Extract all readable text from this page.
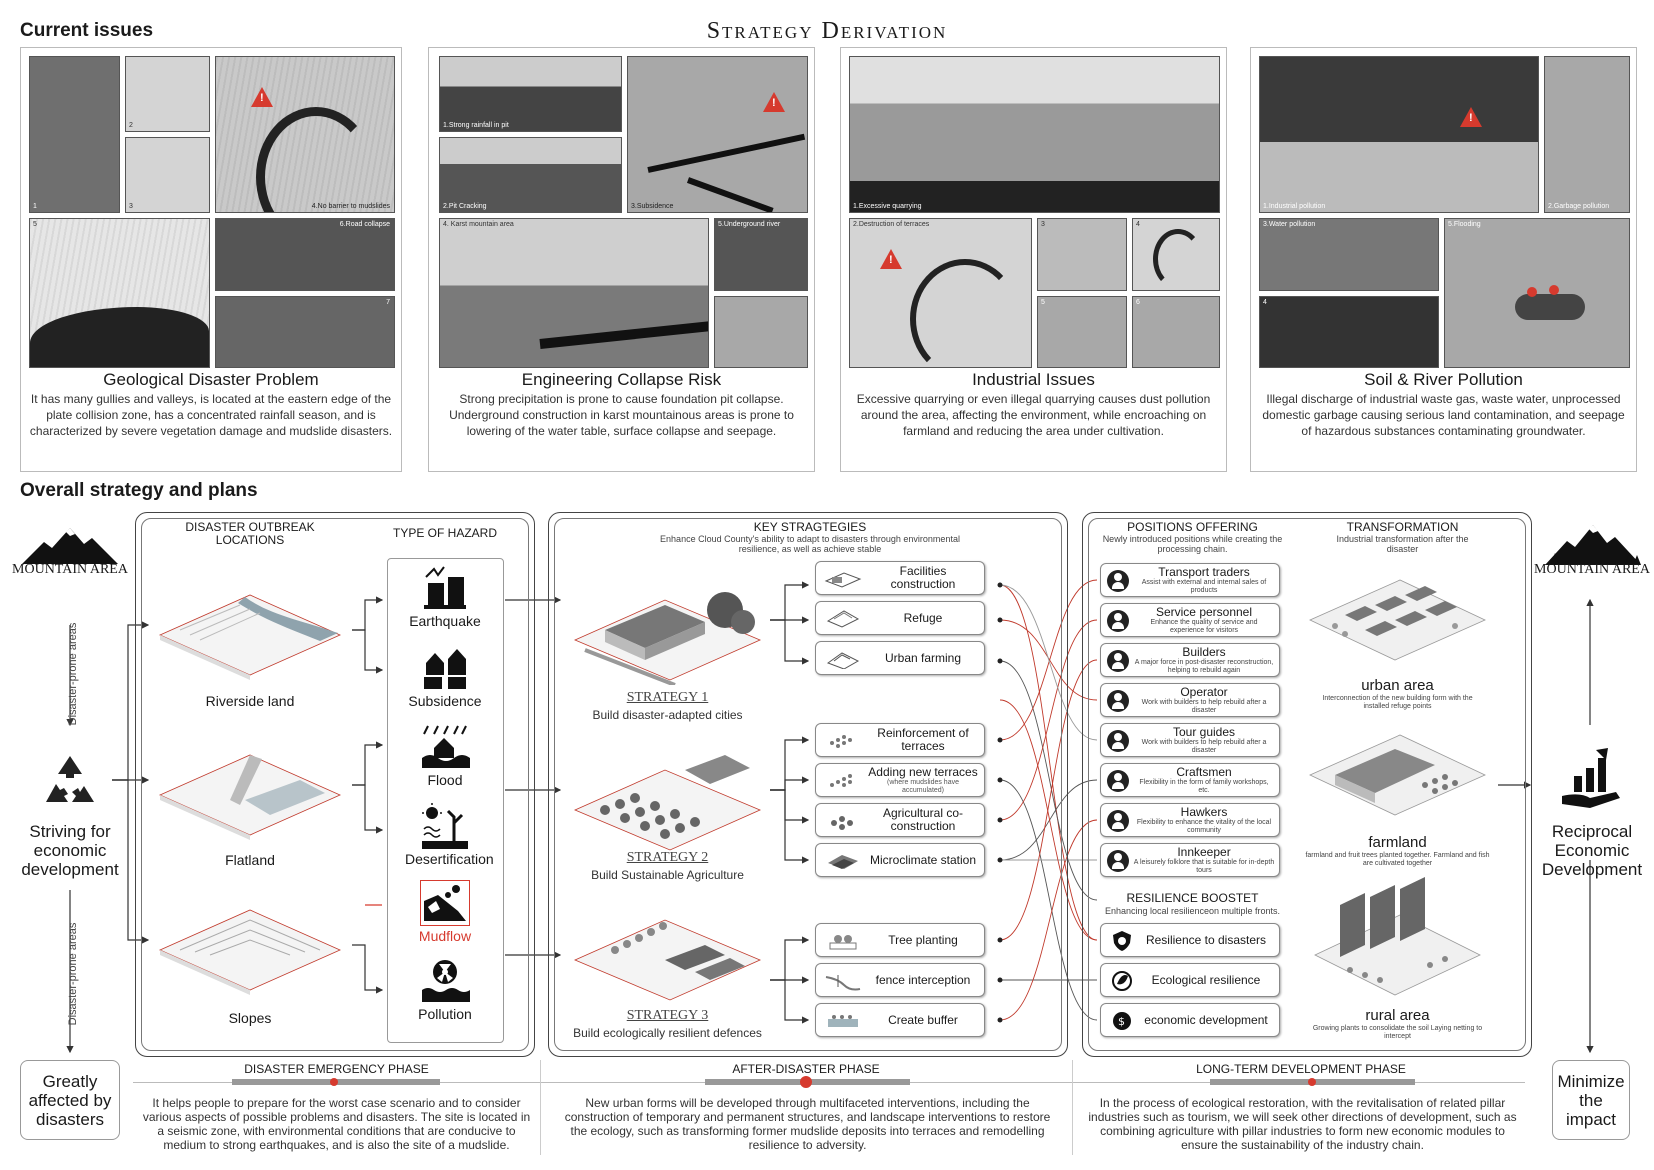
Current issues	Strategy Derivation
1
2
3
!	4.No barrier to mudslides
5	6.Road collapse
7
Geological Disaster Problem
It has many gullies and valleys, is located at the eastern edge of the plate collision zone, has a concentrated rainfall season, and is characterized by severe vegetation damage and mudslide disasters.
1.Strong rainfall in pit
2.Pit Cracking
!	3.Subsidence
4. Karst mountain area	5.Underground river
Engineering Collapse Risk
Strong precipitation is prone to cause foundation pit collapse. Underground construction in karst mountainous areas is prone to lowering of the water table, surface collapse and seepage.
1.Excessive quarrying
!
2.Destruction of terraces	3	4
5	6
Industrial Issues
Excessive quarrying or even illegal quarrying causes dust pollution around the area, affecting the environment, while encroaching on farmland and reducing the area under cultivation.
!
1.Industrial pollution	2.Garbage pollution
3.Water pollution
4
5.Flooding
Soil & River Pollution
Illegal discharge of industrial waste gas, waste water, unprocessed domestic garbage causing serious land contamination, and seepage of hazardous substances contaminating groundwater.
Overall strategy and plans
MOUNTAIN AREA
Disaster-prone areas
Striving for economic development
Disaster-prone areas
Greatly affected by disasters
DISASTER OUTBREAK LOCATIONS	TYPE OF HAZARD
Riverside land
Flatland
Slopes
Earthquake
Subsidence
Flood
Desertification
Mudflow
Pollution
KEY STRAGTEGIES
Enhance Cloud County's ability to adapt to disasters through environmental resilience, as well as achieve stable
STRATEGY 1
Build disaster-adapted cities
STRATEGY 2
Build Sustainable Agriculture
STRATEGY 3
Build ecologically resilient defences
Facilities construction
Refuge
Urban farming
Reinforcement of terraces
Adding new terraces
(where mudslides have accumulated)
Agricultural co-construction
Microclimate station
Tree planting
fence interception
Create buffer
POSITIONS OFFERING
Newly introduced positions while creating the processing chain.
TRANSFORMATION
Industrial transformation after the disaster
Transport traders
Assist with external and internal sales of products
Service personnel
Enhance the quality of service and experience for visitors
Builders
A major force in post-disaster reconstruction, helping to rebuild again
Operator
Work with builders to help rebuild after a disaster
Tour guides
Work with builders to help rebuild after a disaster
Craftsmen
Flexibility in the form of family workshops, etc.
Hawkers
Flexibility to enhance the vitality of the local community
Innkeeper
A leisurely folklore that is suitable for in-depth tours
RESILIENCE BOOSTET
Enhancing local resilienceon multiple fronts.
Resilience to disasters
Ecological resilience
$	economic development
urban area
Interconnection of the new building form with the installed refuge points
farmland
farmland and fruit trees planted together. Farmland and fish are cultivated together
rural area
Growing plants to consolidate the soil Laying netting to intercept
MOUNTAIN AREA
Reciprocal Economic Development
Minimize the impact
DISASTER EMERGENCY PHASE
It helps people to prepare for the worst case scenario and to consider various aspects of possible problems and disasters. The site is located in a seismic zone, with environmental conditions that are conducive to medium to strong earthquakes, and is also the site of a mudslide.
AFTER-DISASTER PHASE
New urban forms will be developed through multifaceted interventions, including the construction of temporary and permanent structures, and landscape interventions to restore the ecology, such as transforming former mudslide deposits into terraces and remodelling resilience to adversity.
LONG-TERM DEVELOPMENT PHASE
In the process of ecological restoration, with the revitalisation of related pillar industries such as tourism, we will seek other directions of development, such as combining agriculture with pillar industries to form new economic modules to ensure the sustainability of the industry chain.
